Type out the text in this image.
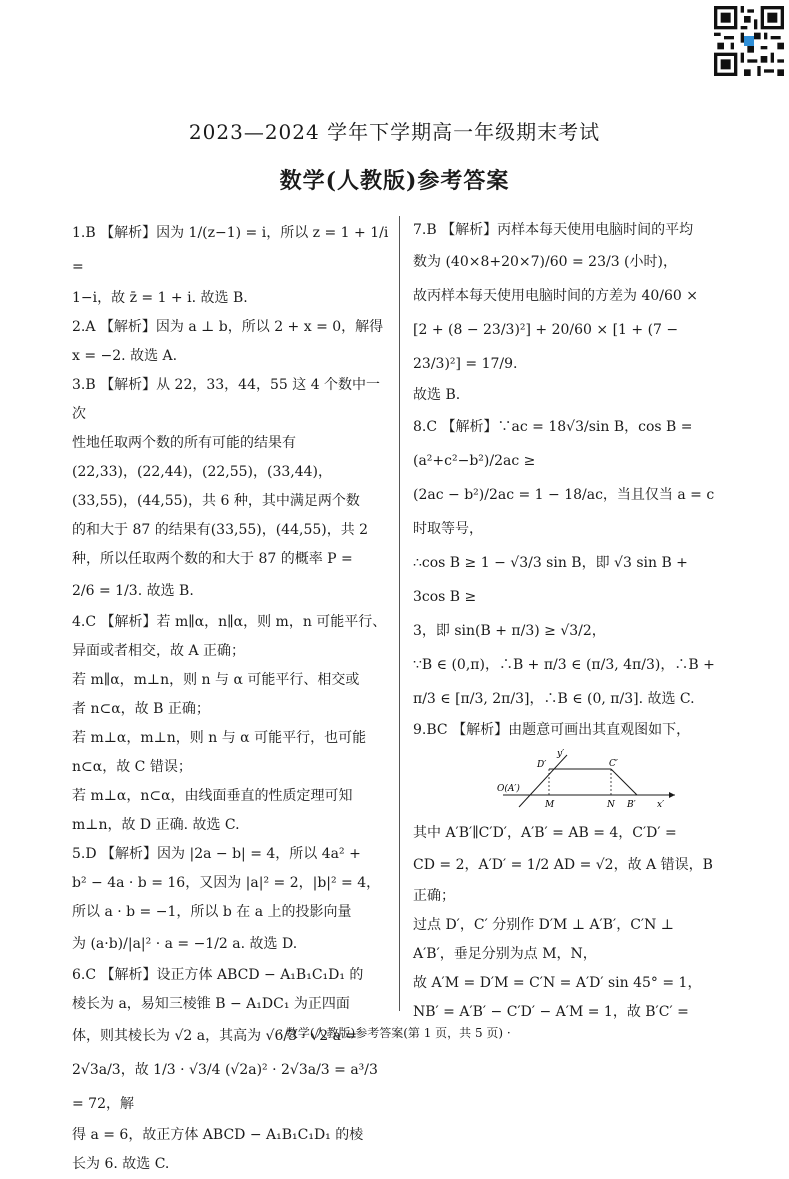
2023—2024 学年下学期高一年级期末考试
数学(人教版)参考答案

1.B 【解析】因为 1/(z−1) = i，所以 z = 1 + 1/i =

1−i，故 z̄ = 1 + i. 故选 B.

2.A 【解析】因为 a ⊥ b，所以 2 + x = 0，解得

x = −2. 故选 A.

3.B 【解析】从 22，33，44，55 这 4 个数中一次

性地任取两个数的所有可能的结果有

(22,33)，(22,44)，(22,55)，(33,44)，

(33,55)，(44,55)，共 6 种，其中满足两个数

的和大于 87 的结果有(33,55)，(44,55)，共 2

种，所以任取两个数的和大于 87 的概率 P =

2/6 = 1/3. 故选 B.

4.C 【解析】若 m∥α，n∥α，则 m，n 可能平行、

异面或者相交，故 A 正确；

若 m∥α，m⊥n，则 n 与 α 可能平行、相交或

者 n⊂α，故 B 正确；

若 m⊥α，m⊥n，则 n 与 α 可能平行，也可能

n⊂α，故 C 错误；

若 m⊥α，n⊂α，由线面垂直的性质定理可知

m⊥n，故 D 正确. 故选 C.

5.D 【解析】因为 |2a − b| = 4，所以 4a² +

b² − 4a · b = 16，又因为 |a|² = 2，|b|² = 4，

所以 a · b = −1，所以 b 在 a 上的投影向量

为 (a·b)/|a|² · a = −1/2 a. 故选 D.

6.C 【解析】设正方体 ABCD − A₁B₁C₁D₁ 的

棱长为 a，易知三棱锥 B − A₁DC₁ 为正四面

体，则其棱长为 √2 a，其高为 √6/3 · √2 a =

2√3a/3，故 1/3 · √3/4 (√2a)² · 2√3a/3 = a³/3 = 72，解

得 a = 6，故正方体 ABCD − A₁B₁C₁D₁ 的棱

长为 6. 故选 C.

7.B 【解析】丙样本每天使用电脑时间的平均

数为 (40×8+20×7)/60 = 23/3 (小时)，

故丙样本每天使用电脑时间的方差为 40/60 ×

[2 + (8 − 23/3)²] + 20/60 × [1 + (7 − 23/3)²] = 17/9.

故选 B.

8.C 【解析】∵ac = 18√3/sin B，cos B = (a²+c²−b²)/2ac ≥

(2ac − b²)/2ac = 1 − 18/ac，当且仅当 a = c 时取等号，

∴cos B ≥ 1 − √3/3 sin B，即 √3 sin B + 3cos B ≥

3，即 sin(B + π/3) ≥ √3/2，

∵B ∈ (0,π)，∴B + π/3 ∈ (π/3, 4π/3)，∴B +

π/3 ∈ [π/3, 2π/3]，∴B ∈ (0, π/3]. 故选 C.

9.BC 【解析】由题意可画出其直观图如下，

y′
D′	C′
O(A′)
M	N B′ x′

其中 A′B′∥C′D′，A′B′ = AB = 4，C′D′ =

CD = 2，A′D′ = 1/2 AD = √2，故 A 错误，B

正确；

过点 D′，C′ 分别作 D′M ⊥ A′B′，C′N ⊥

A′B′，垂足分别为点 M，N，

故 A′M = D′M = C′N = A′D′ sin 45° = 1，

NB′ = A′B′ − C′D′ − A′M = 1，故 B′C′ =

· 数学(人教版)参考答案(第 1 页，共 5 页) ·
